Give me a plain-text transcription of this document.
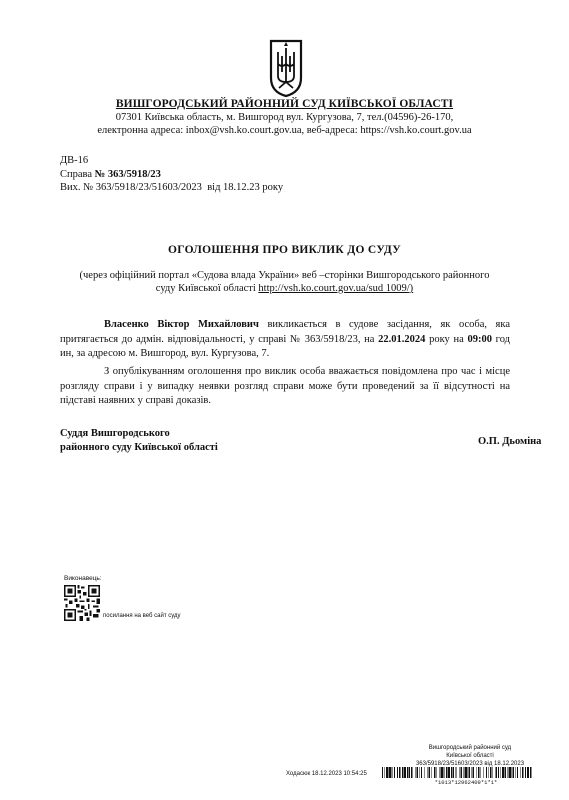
ВИШГОРОДСЬКИЙ РАЙОННИЙ СУД КИЇВСЬКОЇ ОБЛАСТІ
07301 Київська область, м. Вишгород вул. Кургузова, 7, тел.(04596)-26-170,
електронна адреса: inbox@vsh.ko.court.gov.ua, веб-адреса: https://vsh.ko.court.gov.ua
ДВ-16
Справа № 363/5918/23
Вих. № 363/5918/23/51603/2023 від 18.12.23 року
ОГОЛОШЕННЯ ПРО ВИКЛИК ДО СУДУ
(через офіційний портал «Судова влада України» веб –сторінки Вишгородського районного
суду Київської області http://vsh.ko.court.gov.ua/sud 1009/)
Власенко Віктор Михайлович викликається в судове засідання, як особа, яка притягається до адмін. відповідальності, у справі № 363/5918/23, на 22.01.2024 року на 09:00 год ин, за адресою м. Вишгород, вул. Кургузова, 7.
З опублікуванням оголошення про виклик особа вважається повідомлена про час і місце розгляду справи і у випадку неявки розгляд справи може бути проведений за її відсутності на підставі наявних у справі доказів.
Суддя Вишгородського
районного суду Київської області
О.П. Дьоміна
Виконавець:
посилання на веб сайт суду
Вишгородський районний суд
Київської області
363/5918/23/51603/2023 від 18.12.2023
Ходасюк 18.12.2023 10:54:25
*1013*12962409*1*1*
